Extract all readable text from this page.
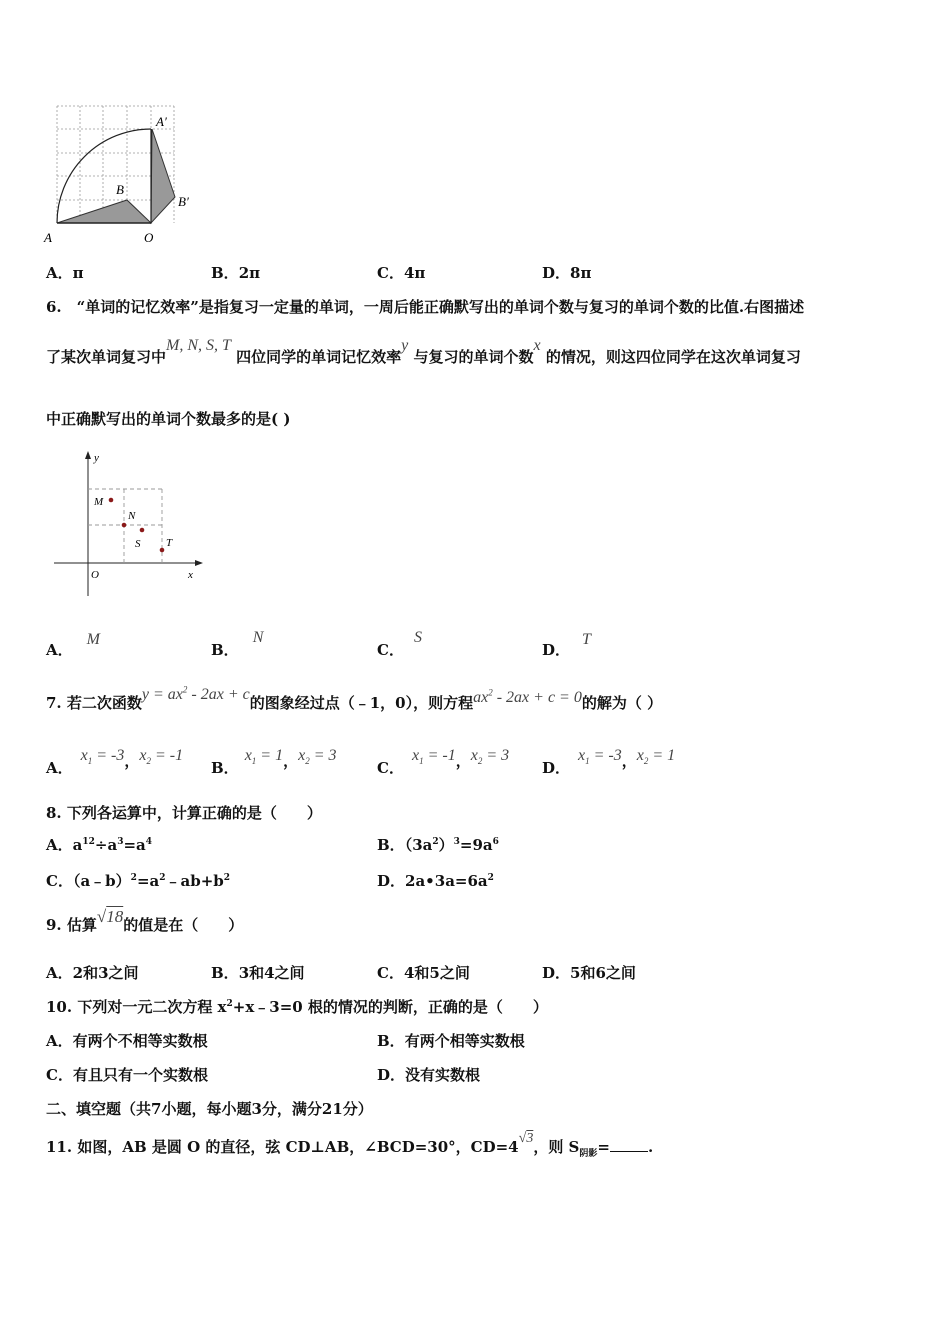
A
B
O
A′
B′
A．π	B．2π	C．4π	D．8π
6.　“单词的记忆效率”是指复习一定量的单词，一周后能正确默写出的单词个数与复习的单词个数的比值.右图描述
了某次单词复习中M, N, S, T 四位同学的单词记忆效率y 与复习的单词个数x 的情况，则这四位同学在这次单词复习
中正确默写出的单词个数最多的是( )
y
x
O
M
N
S T
A．M
B．N
C．S
D．T
7. 若二次函数$y = ax^2 - 2ax + c$的图象经过点（﹣1，0），则方程$ax^2 - 2ax + c = 0$的解为（ ）
A．$x_1 = -3$，$x_2 = -1$
B．$x_1 = 1$，$x_2 = 3$
C．$x_1 = -1$，$x_2 = 3$
D．$x_1 = -3$，$x_2 = 1$
8. 下列各运算中，计算正确的是（　　）
A．$a^{12}\div a^3=a^4$	B．$(3a^2)^3=9a^6$
C．$(a﹣b)^2=a^2﹣ab+b^2$	D．$2a•3a=6a^2$
9. 估算√18的值是在（　　）
A．2和3之间	B．3和4之间	C．4和5之间	D．5和6之间
10. 下列对一元二次方程 $x^2+x﹣3=0$ 根的情况的判断，正确的是（　　）
A．有两个不相等实数根	B．有两个相等实数根
C．有且只有一个实数根	D．没有实数根
二、填空题（共7小题，每小题3分，满分21分）
11. 如图，AB 是圆 O 的直径，弦 CD⊥AB，∠BCD=30°，CD=4√3，则 $S_{阴影}=$	.
